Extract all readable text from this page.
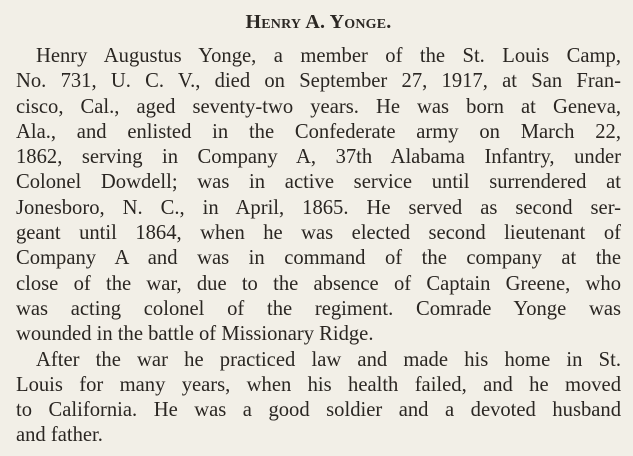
Henry A. Yonge.
Henry Augustus Yonge, a member of the St. Louis Camp,
No. 731, U. C. V., died on September 27, 1917, at San Fran-
cisco, Cal., aged seventy-two years. He was born at Geneva,
Ala., and enlisted in the Confederate army on March 22,
1862, serving in Company A, 37th Alabama Infantry, under
Colonel Dowdell; was in active service until surrendered at
Jonesboro, N. C., in April, 1865. He served as second ser-
geant until 1864, when he was elected second lieutenant of
Company A and was in command of the company at the
close of the war, due to the absence of Captain Greene, who
was acting colonel of the regiment. Comrade Yonge was
wounded in the battle of Missionary Ridge.
After the war he practiced law and made his home in St.
Louis for many years, when his health failed, and he moved
to California. He was a good soldier and a devoted husband
and father.
